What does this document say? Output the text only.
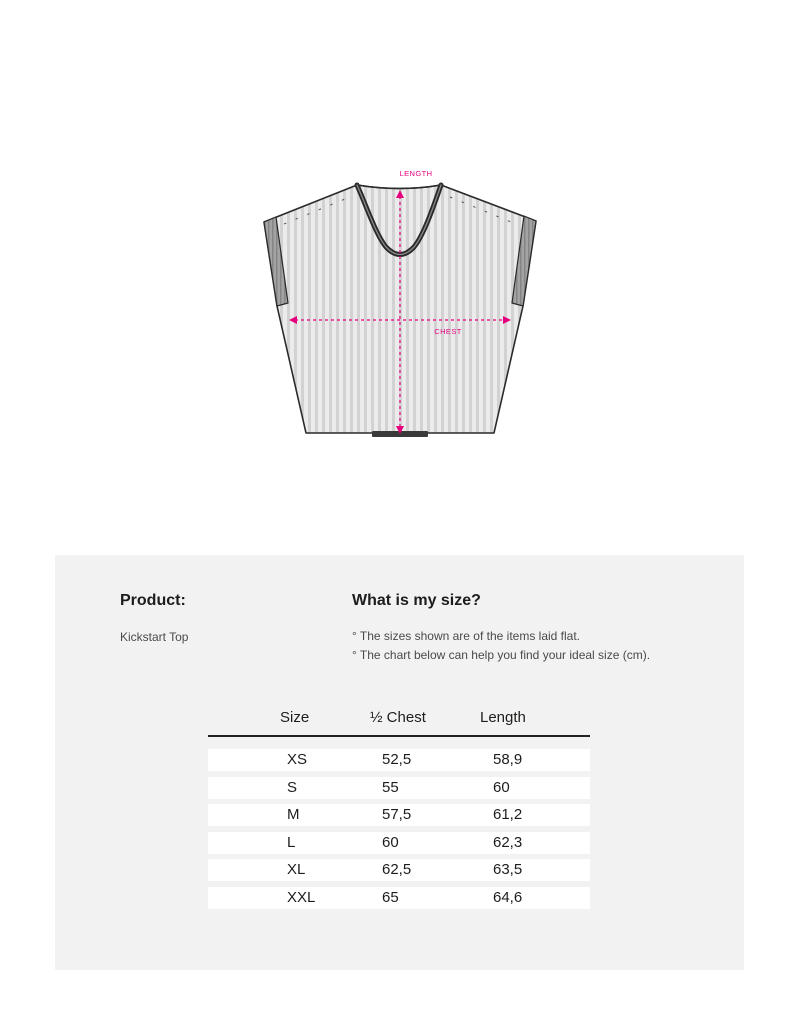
LENGTH
CHEST
Product:
Kickstart Top
What is my size?
° The sizes shown are of the items laid flat.
° The chart below can help you find your ideal size (cm).
Size	½ Chest	Length
XS	52,5	58,9
S	55	60
M	57,5	61,2
L	60	62,3
XL	62,5	63,5
XXL	65	64,6
